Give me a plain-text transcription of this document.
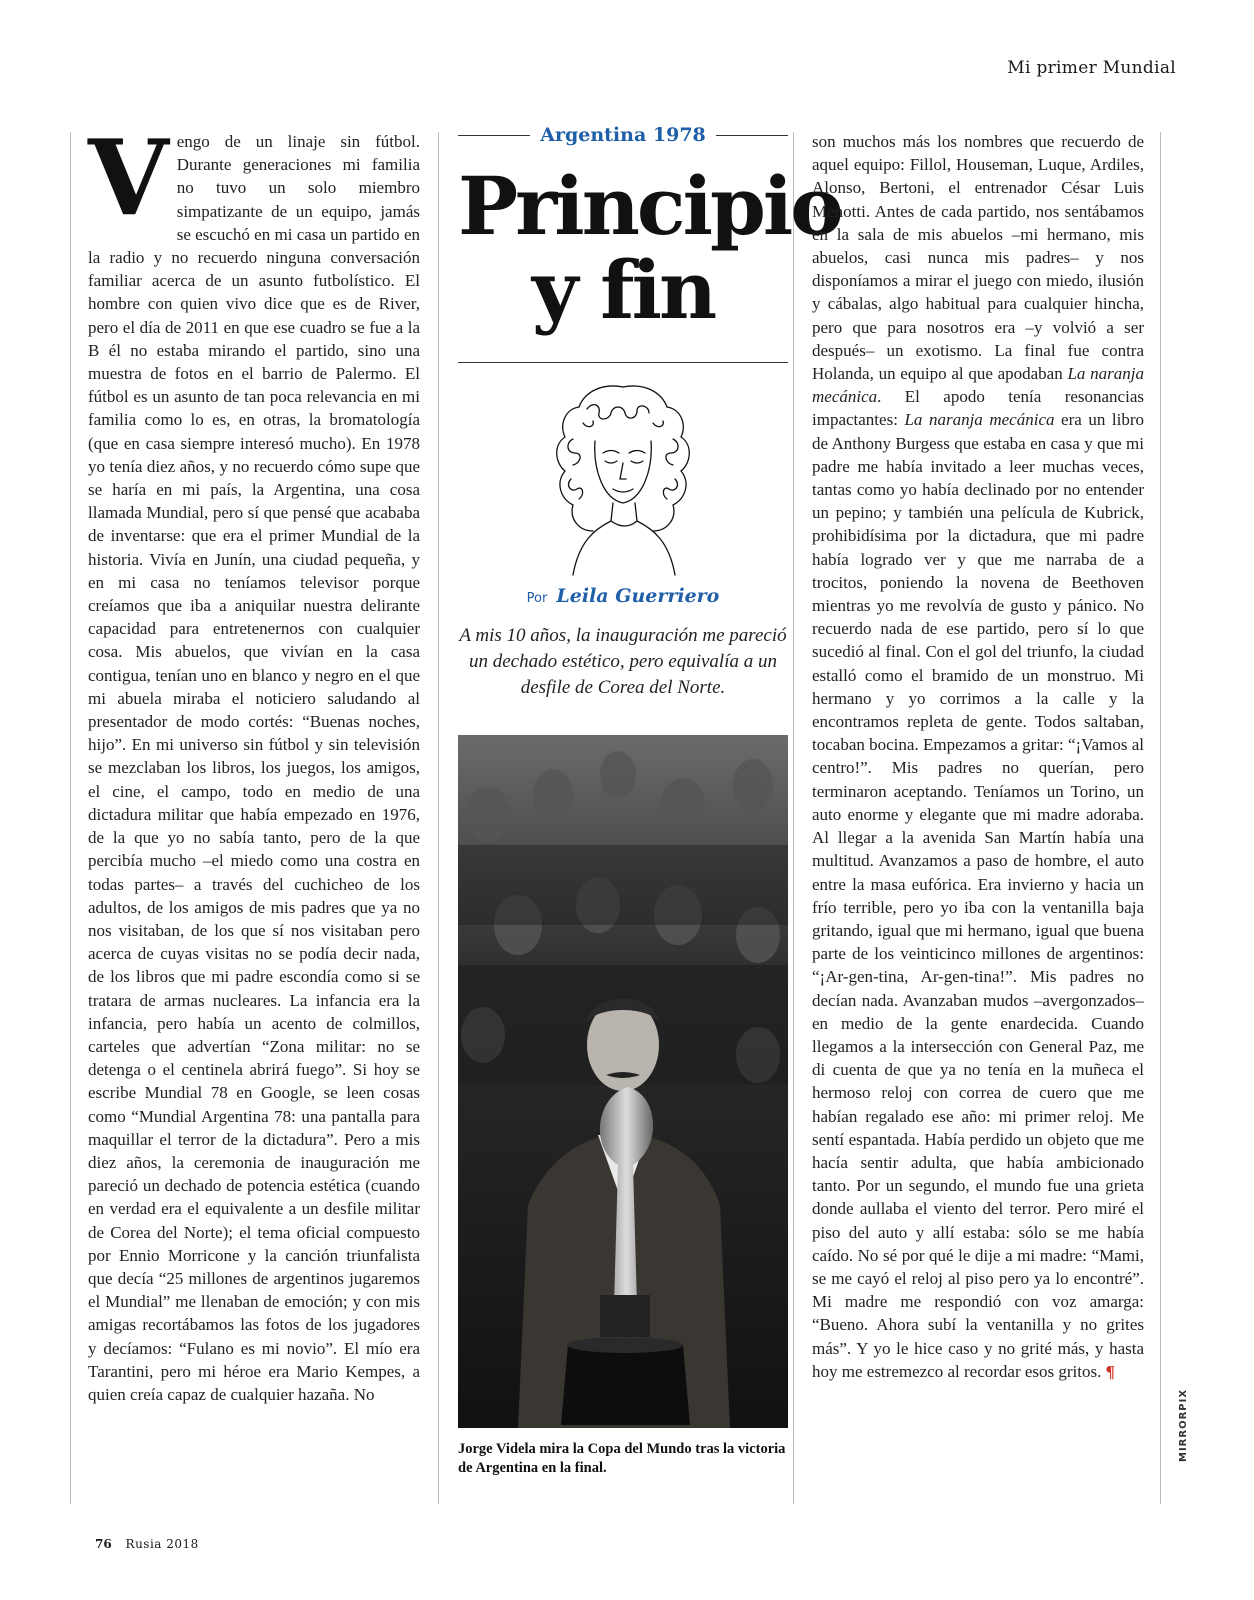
Mi primer Mundial
V engo de un linaje sin fútbol. Durante generaciones mi familia no tuvo un solo miembro simpatizante de un equipo, jamás se escuchó en mi casa un partido en la radio y no recuerdo ninguna conversación familiar acerca de un asunto futbolístico. El hombre con quien vivo dice que es de River, pero el día de 2011 en que ese cuadro se fue a la B él no estaba mirando el partido, sino una muestra de fotos en el barrio de Palermo. El fútbol es un asunto de tan poca relevancia en mi familia como lo es, en otras, la bromatología (que en casa siempre interesó mucho). En 1978 yo tenía diez años, y no recuerdo cómo supe que se haría en mi país, la Argentina, una cosa llamada Mundial, pero sí que pensé que acababa de inventarse: que era el primer Mundial de la historia. Vivía en Junín, una ciudad pequeña, y en mi casa no teníamos televisor porque creíamos que iba a aniquilar nuestra delirante capacidad para entretenernos con cualquier cosa. Mis abuelos, que vivían en la casa contigua, tenían uno en blanco y negro en el que mi abuela miraba el noticiero saludando al presentador de modo cortés: “Buenas noches, hijo”. En mi universo sin fútbol y sin televisión se mezclaban los libros, los juegos, los amigos, el cine, el campo, todo en medio de una dictadura militar que había empezado en 1976, de la que yo no sabía tanto, pero de la que percibía mucho –el miedo como una costra en todas partes– a través del cuchicheo de los adultos, de los amigos de mis padres que ya no nos visitaban, de los que sí nos visitaban pero acerca de cuyas visitas no se podía decir nada, de los libros que mi padre escondía como si se tratara de armas nucleares. La infancia era la infancia, pero había un acento de colmillos, carteles que advertían “Zona militar: no se detenga o el centinela abrirá fuego”. Si hoy se escribe Mundial 78 en Google, se leen cosas como “Mundial Argentina 78: una pantalla para maquillar el terror de la dictadura”. Pero a mis diez años, la ceremonia de inauguración me pareció un dechado de potencia estética (cuando en verdad era el equivalente a un desfile militar de Corea del Norte); el tema oficial compuesto por Ennio Morricone y la canción triunfalista que decía “25 millones de argentinos jugaremos el Mundial” me llenaban de emoción; y con mis amigas recortábamos las fotos de los jugadores y decíamos: “Fulano es mi novio”. El mío era Tarantini, pero mi héroe era Mario Kempes, a quien creía capaz de cualquier hazaña. No

Argentina 1978
Principio
y fin
Por Leila Guerriero

A mis 10 años, la inauguración me pareció un dechado estético, pero equivalía a un desfile de Corea del Norte.

Jorge Videla mira la Copa del Mundo tras la victoria de Argentina en la final.

son muchos más los nombres que recuerdo de aquel equipo: Fillol, Houseman, Luque, Ardiles, Alonso, Bertoni, el entrenador César Luis Menotti. Antes de cada partido, nos sentábamos en la sala de mis abuelos –mi hermano, mis abuelos, casi nunca mis padres– y nos disponíamos a mirar el juego con miedo, ilusión y cábalas, algo habitual para cualquier hincha, pero que para nosotros era –y volvió a ser después– un exotismo. La final fue contra Holanda, un equipo al que apodaban La naranja mecánica. El apodo tenía resonancias impactantes: La naranja mecánica era un libro de Anthony Burgess que estaba en casa y que mi padre me había invitado a leer muchas veces, tantas como yo había declinado por no entender un pepino; y también una película de Kubrick, prohibidísima por la dictadura, que mi padre había logrado ver y que me narraba de a trocitos, poniendo la novena de Beethoven mientras yo me revolvía de gusto y pánico. No recuerdo nada de ese partido, pero sí lo que sucedió al final. Con el gol del triunfo, la ciudad estalló como el bramido de un monstruo. Mi hermano y yo corrimos a la calle y la encontramos repleta de gente. Todos saltaban, tocaban bocina. Empezamos a gritar: “¡Vamos al centro!”. Mis padres no querían, pero terminaron aceptando. Teníamos un Torino, un auto enorme y elegante que mi madre adoraba. Al llegar a la avenida San Martín había una multitud. Avanzamos a paso de hombre, el auto entre la masa eufórica. Era invierno y hacia un frío terrible, pero yo iba con la ventanilla baja gritando, igual que mi hermano, igual que buena parte de los veinticinco millones de argentinos: “¡Ar-gen-tina, Ar-gen-tina!”. Mis padres no decían nada. Avanzaban mudos –avergonzados– en medio de la gente enardecida. Cuando llegamos a la intersección con General Paz, me di cuenta de que ya no tenía en la muñeca el hermoso reloj con correa de cuero que me habían regalado ese año: mi primer reloj. Me sentí espantada. Había perdido un objeto que me hacía sentir adulta, que había ambicionado tanto. Por un segundo, el mundo fue una grieta donde aullaba el viento del terror. Pero miré el piso del auto y allí estaba: sólo se me había caído. No sé por qué le dije a mi madre: “Mami, se me cayó el reloj al piso pero ya lo encontré”. Mi madre me respondió con voz amarga: “Bueno. Ahora subí la ventanilla y no grites más”. Y yo le hice caso y no grité más, y hasta hoy me estremezco al recordar esos gritos. ¶

MIRRORPIX
76 Rusia 2018
